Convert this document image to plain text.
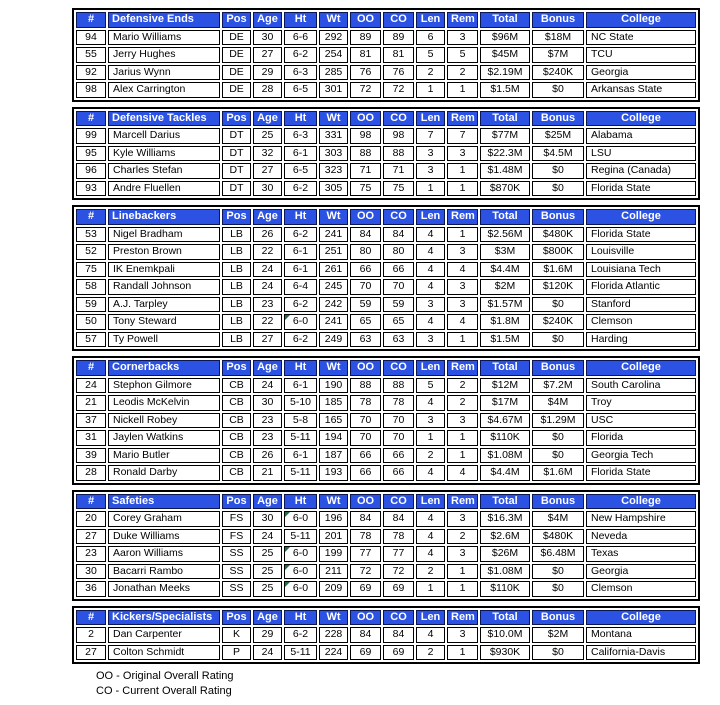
#	Defensive Ends	Pos	Age	Ht	Wt	OO	CO	Len	Rem	Total	Bonus	College
94	Mario Williams	DE	30	6-6	292	89	89	6	3	$96M	$18M	NC State
55	Jerry Hughes	DE	27	6-2	254	81	81	5	5	$45M	$7M	TCU
92	Jarius Wynn	DE	29	6-3	285	76	76	2	2	$2.19M	$240K	Georgia
98	Alex Carrington	DE	28	6-5	301	72	72	1	1	$1.5M	$0	Arkansas State
#	Defensive Tackles	Pos	Age	Ht	Wt	OO	CO	Len	Rem	Total	Bonus	College
99	Marcell Darius	DT	25	6-3	331	98	98	7	7	$77M	$25M	Alabama
95	Kyle Williams	DT	32	6-1	303	88	88	3	3	$22.3M	$4.5M	LSU
96	Charles Stefan	DT	27	6-5	323	71	71	3	1	$1.48M	$0	Regina (Canada)
93	Andre Fluellen	DT	30	6-2	305	75	75	1	1	$870K	$0	Florida State
#	Linebackers	Pos	Age	Ht	Wt	OO	CO	Len	Rem	Total	Bonus	College
53	Nigel Bradham	LB	26	6-2	241	84	84	4	1	$2.56M	$480K	Florida State
52	Preston Brown	LB	22	6-1	251	80	80	4	3	$3M	$800K	Louisville
75	IK Enemkpali	LB	24	6-1	261	66	66	4	4	$4.4M	$1.6M	Louisiana Tech
58	Randall Johnson	LB	24	6-4	245	70	70	4	3	$2M	$120K	Florida Atlantic
59	A.J. Tarpley	LB	23	6-2	242	59	59	3	3	$1.57M	$0	Stanford
50	Tony Steward	LB	22	6-0	241	65	65	4	4	$1.8M	$240K	Clemson
57	Ty Powell	LB	27	6-2	249	63	63	3	1	$1.5M	$0	Harding
#	Cornerbacks	Pos	Age	Ht	Wt	OO	CO	Len	Rem	Total	Bonus	College
24	Stephon Gilmore	CB	24	6-1	190	88	88	5	2	$12M	$7.2M	South Carolina
21	Leodis McKelvin	CB	30	5-10	185	78	78	4	2	$17M	$4M	Troy
37	Nickell Robey	CB	23	5-8	165	70	70	3	3	$4.67M	$1.29M	USC
31	Jaylen Watkins	CB	23	5-11	194	70	70	1	1	$110K	$0	Florida
39	Mario Butler	CB	26	6-1	187	66	66	2	1	$1.08M	$0	Georgia Tech
28	Ronald Darby	CB	21	5-11	193	66	66	4	4	$4.4M	$1.6M	Florida State
#	Safeties	Pos	Age	Ht	Wt	OO	CO	Len	Rem	Total	Bonus	College
20	Corey Graham	FS	30	6-0	196	84	84	4	3	$16.3M	$4M	New Hampshire
27	Duke Williams	FS	24	5-11	201	78	78	4	2	$2.6M	$480K	Neveda
23	Aaron Williams	SS	25	6-0	199	77	77	4	3	$26M	$6.48M	Texas
30	Bacarri Rambo	SS	25	6-0	211	72	72	2	1	$1.08M	$0	Georgia
36	Jonathan Meeks	SS	25	6-0	209	69	69	1	1	$110K	$0	Clemson
#	Kickers/Specialists	Pos	Age	Ht	Wt	OO	CO	Len	Rem	Total	Bonus	College
2	Dan Carpenter	K	29	6-2	228	84	84	4	3	$10.0M	$2M	Montana
27	Colton Schmidt	P	24	5-11	224	69	69	2	1	$930K	$0	California-Davis
OO - Original Overall Rating
CO - Current Overall Rating
